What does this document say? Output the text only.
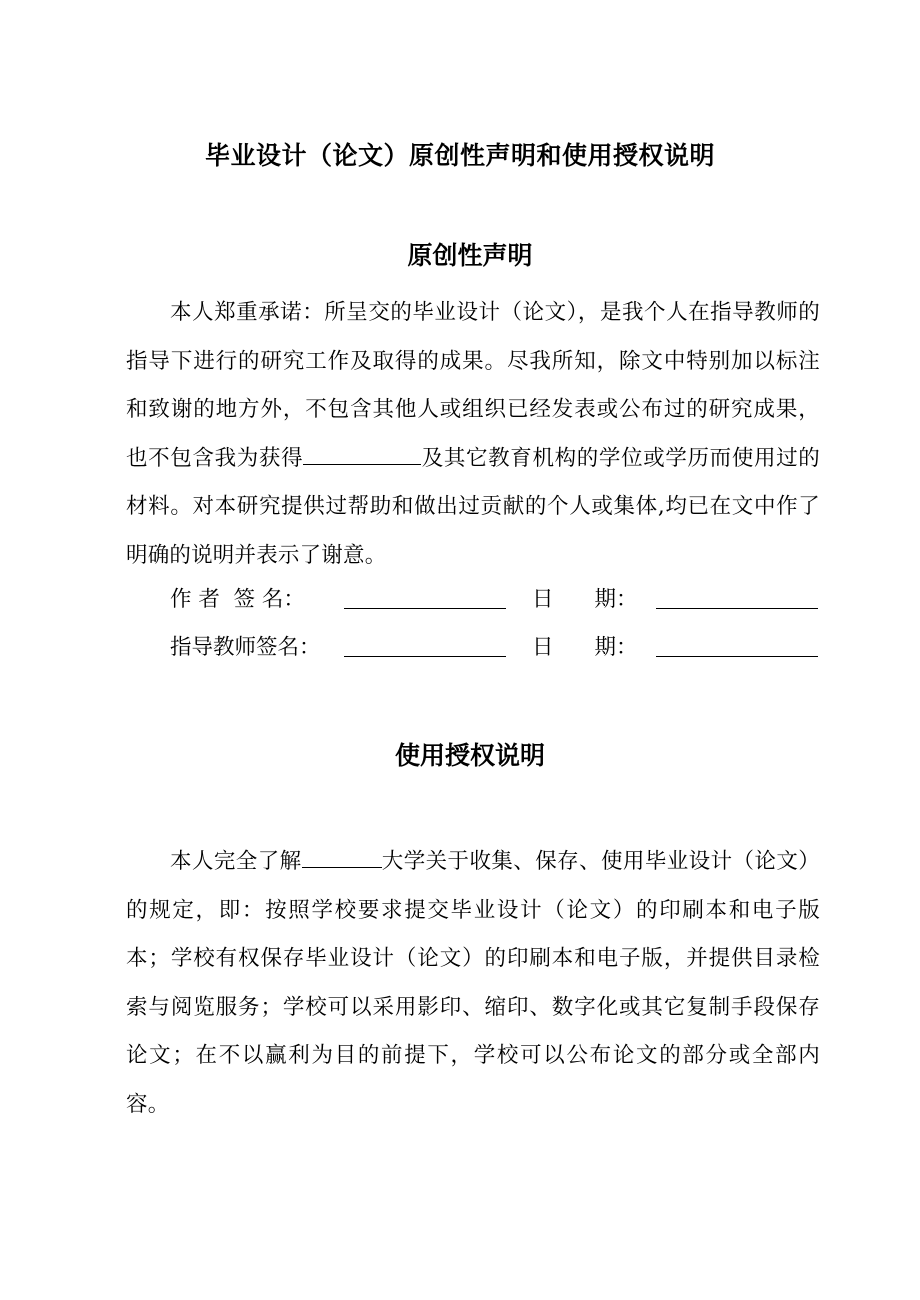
毕业设计（论文）原创性声明和使用授权说明
原创性声明
本人郑重承诺：所呈交的毕业设计（论文），是我个人在指导教师的指导下进行的研究工作及取得的成果。尽我所知，除文中特别加以标注和致谢的地方外，不包含其他人或组织已经发表或公布过的研究成果，也不包含我为获得	及其它教育机构的学位或学历而使用过的材料。对本研究提供过帮助和做出过贡献的个人或集体,均已在文中作了明确的说明并表示了谢意。
作 者  签 名：	日      期：
指导教师签名：	日      期：
使用授权说明
本人完全了解	大学关于收集、保存、使用毕业设计（论文）的规定，即：按照学校要求提交毕业设计（论文）的印刷本和电子版本；学校有权保存毕业设计（论文）的印刷本和电子版，并提供目录检索与阅览服务；学校可以采用影印、缩印、数字化或其它复制手段保存论文；在不以赢利为目的前提下，学校可以公布论文的部分或全部内容。
